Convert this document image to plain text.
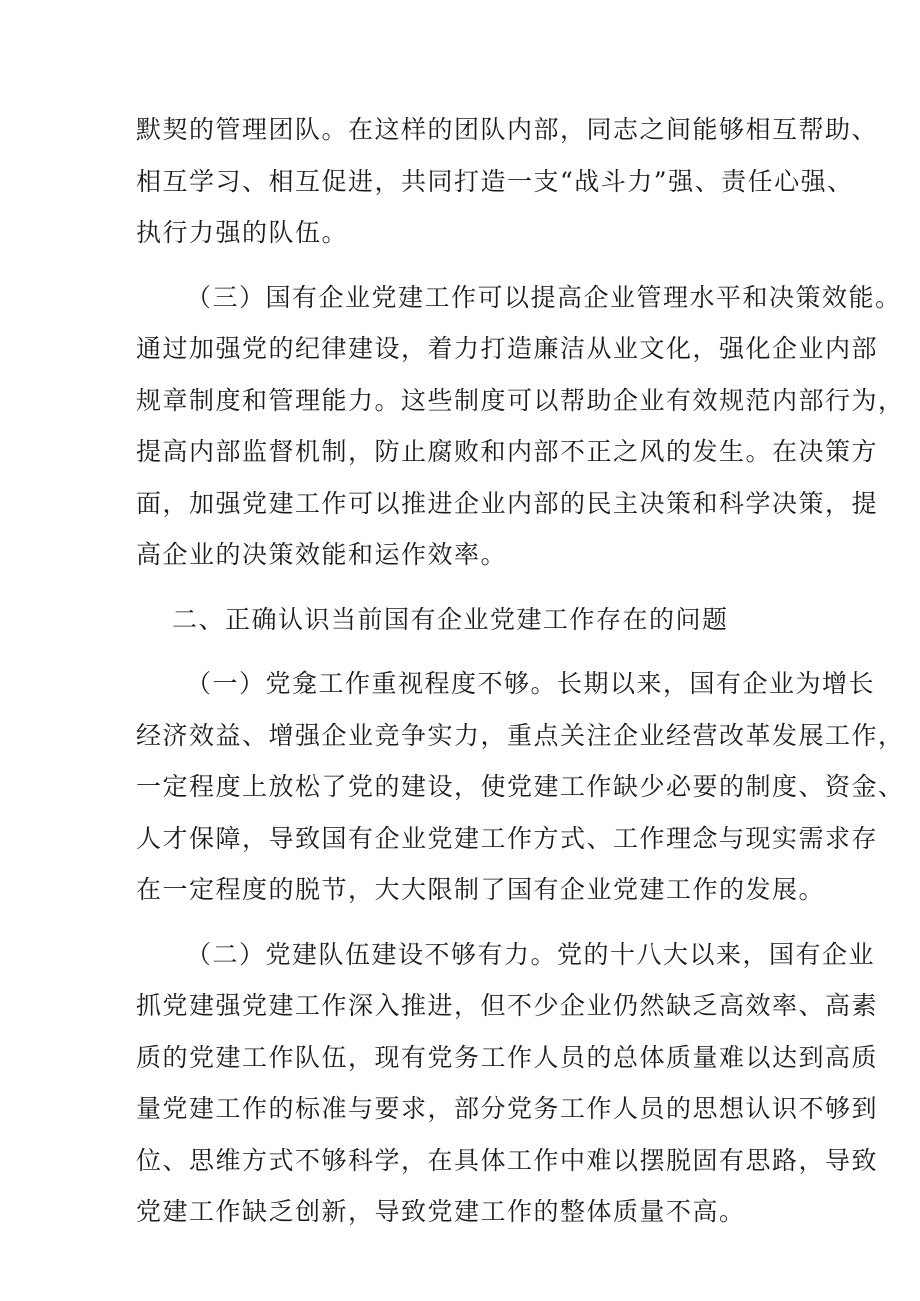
默契的管理团队。在这样的团队内部，同志之间能够相互帮助、
相互学习、相互促进，共同打造一支“战斗力”强、责任心强、
执行力强的队伍。

（三）国有企业党建工作可以提高企业管理水平和决策效能。
通过加强党的纪律建设，着力打造廉洁从业文化，强化企业内部
规章制度和管理能力。这些制度可以帮助企业有效规范内部行为，
提高内部监督机制，防止腐败和内部不正之风的发生。在决策方
面，加强党建工作可以推进企业内部的民主决策和科学决策，提
高企业的决策效能和运作效率。

二、正确认识当前国有企业党建工作存在的问题

（一）党龛工作重视程度不够。长期以来，国有企业为增长
经济效益、增强企业竞争实力，重点关注企业经营改革发展工作，
一定程度上放松了党的建设，使党建工作缺少必要的制度、资金、
人才保障，导致国有企业党建工作方式、工作理念与现实需求存
在一定程度的脱节，大大限制了国有企业党建工作的发展。

（二）党建队伍建设不够有力。党的十八大以来，国有企业
抓党建强党建工作深入推进，但不少企业仍然缺乏高效率、高素
质的党建工作队伍，现有党务工作人员的总体质量难以达到高质
量党建工作的标准与要求，部分党务工作人员的思想认识不够到
位、思维方式不够科学，在具体工作中难以摆脱固有思路，导致
党建工作缺乏创新，导致党建工作的整体质量不高。
